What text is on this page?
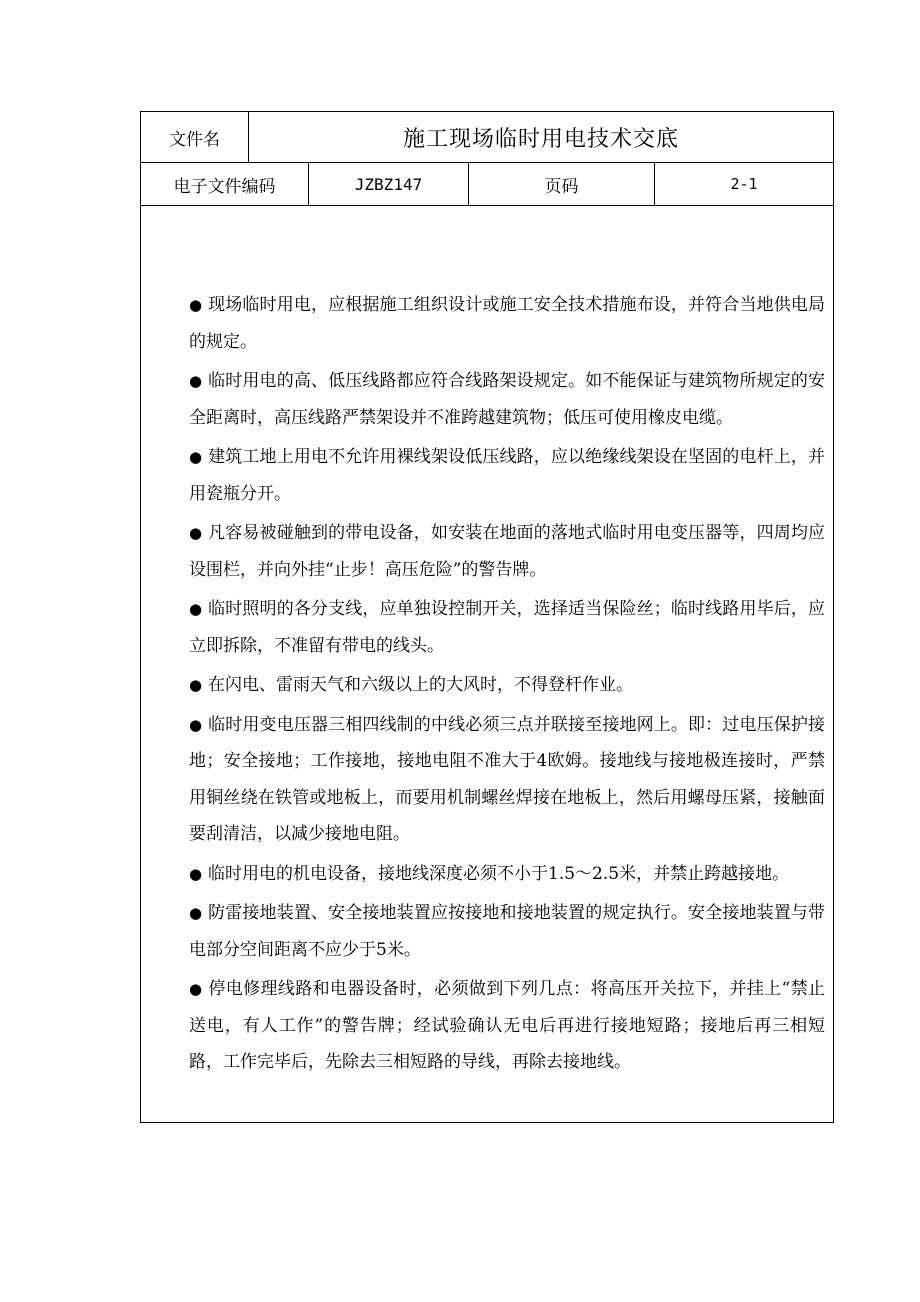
文件名	施工现场临时用电技术交底
电子文件编码	JZBZ147	页码	2-1

● 现场临时用电，应根据施工组织设计或施工安全技术措施布设，并符合当地供电局的规定。

● 临时用电的高、低压线路都应符合线路架设规定。如不能保证与建筑物所规定的安全距离时，高压线路严禁架设并不准跨越建筑物；低压可使用橡皮电缆。

● 建筑工地上用电不允许用裸线架设低压线路，应以绝缘线架设在坚固的电杆上，并用瓷瓶分开。

● 凡容易被碰触到的带电设备，如安装在地面的落地式临时用电变压器等，四周均应设围栏，并向外挂“止步！高压危险”的警告牌。

● 临时照明的各分支线，应单独设控制开关，选择适当保险丝；临时线路用毕后，应立即拆除，不准留有带电的线头。

● 在闪电、雷雨天气和六级以上的大风时，不得登杆作业。

● 临时用变电压器三相四线制的中线必须三点并联接至接地网上。即：过电压保护接地；安全接地；工作接地，接地电阻不准大于4欧姆。接地线与接地极连接时，严禁用铜丝绕在铁管或地板上，而要用机制螺丝焊接在地板上，然后用螺母压紧，接触面要刮清洁，以减少接地电阻。

● 临时用电的机电设备，接地线深度必须不小于1.5～2.5米，并禁止跨越接地。

● 防雷接地装置、安全接地装置应按接地和接地装置的规定执行。安全接地装置与带电部分空间距离不应少于5米。

● 停电修理线路和电器设备时，必须做到下列几点：将高压开关拉下，并挂上“禁止送电，有人工作”的警告牌；经试验确认无电后再进行接地短路；接地后再三相短路，工作完毕后，先除去三相短路的导线，再除去接地线。
